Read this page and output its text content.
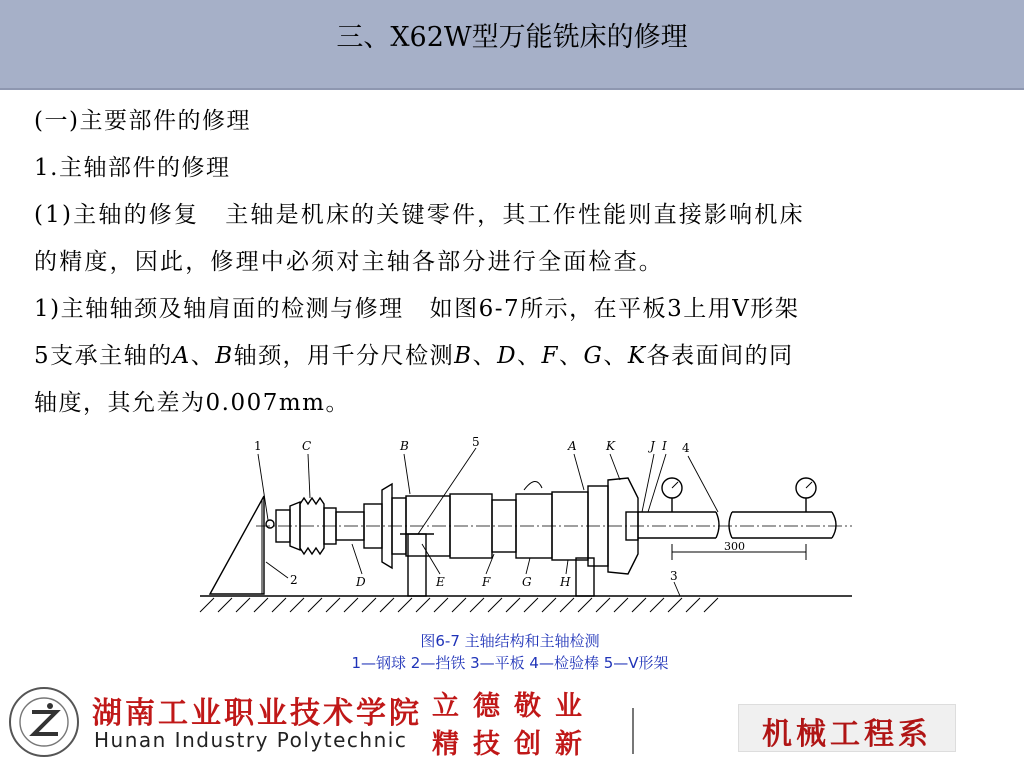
三、X62W型万能铣床的修理
(一)主要部件的修理
1.主轴部件的修理
(1)主轴的修复 主轴是机床的关键零件，其工作性能则直接影响机床
的精度，因此，修理中必须对主轴各部分进行全面检查。
1)主轴轴颈及轴肩面的检测与修理 如图6-7所示，在平板3上用V形架
5支承主轴的A、B轴颈，用千分尺检测B、D、F、G、K各表面间的同
轴度，其允差为0.007mm。
1	C	B	5	A K	J I 4
2	D	E	F	G H	3
300
图6-7 主轴结构和主轴检测
1—钢球 2—挡铁 3—平板 4—检验棒 5—V形架
湖南工业职业技术学院
Hunan Industry Polytechnic
立德敬业
精技创新	机械工程系
